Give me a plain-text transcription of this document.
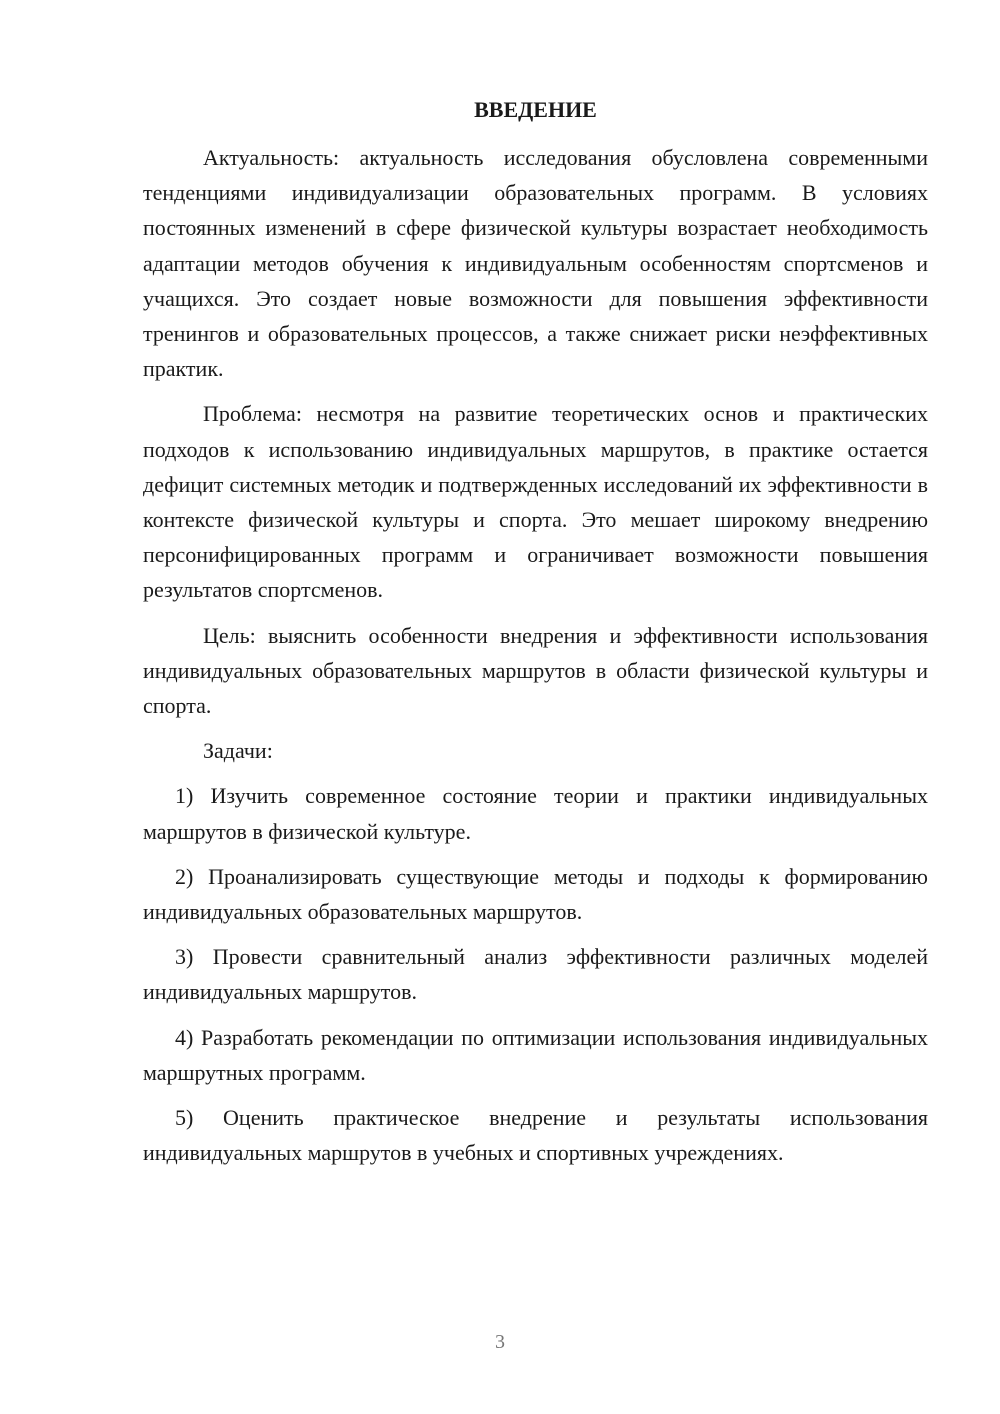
ВВЕДЕНИЕ

Актуальность: актуальность исследования обусловлена современными тенденциями индивидуализации образовательных программ. В условиях постоянных изменений в сфере физической культуры возрастает необходимость адаптации методов обучения к индивидуальным особенностям спортсменов и учащихся. Это создает новые возможности для повышения эффективности тренингов и образовательных процессов, а также снижает риски неэффективных практик.

Проблема: несмотря на развитие теоретических основ и практических подходов к использованию индивидуальных маршрутов, в практике остается дефицит системных методик и подтвержденных исследований их эффективности в контексте физической культуры и спорта. Это мешает широкому внедрению персонифицированных программ и ограничивает возможности повышения результатов спортсменов.

Цель: выяснить особенности внедрения и эффективности использования индивидуальных образовательных маршрутов в области физической культуры и спорта.

Задачи:

1) Изучить современное состояние теории и практики индивидуальных маршрутов в физической культуре.

2) Проанализировать существующие методы и подходы к формированию индивидуальных образовательных маршрутов.

3) Провести сравнительный анализ эффективности различных моделей индивидуальных маршрутов.

4) Разработать рекомендации по оптимизации использования индивидуальных маршрутных программ.

5) Оценить практическое внедрение и результаты использования индивидуальных маршрутов в учебных и спортивных учреждениях.

3
